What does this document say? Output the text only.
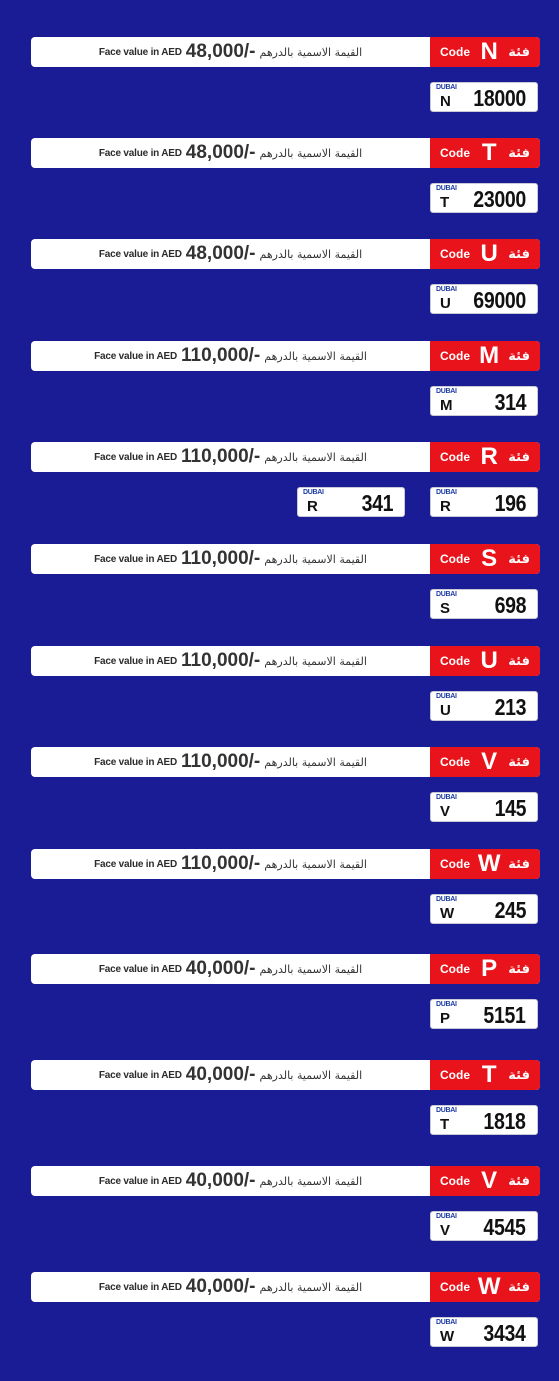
Face value in AED 48,000/- القيمة الاسمية بالدرهم	Code N فئة
DUBAI
N 18000
Face value in AED 48,000/- القيمة الاسمية بالدرهم	Code T فئة
DUBAI
T 23000
Face value in AED 48,000/- القيمة الاسمية بالدرهم	Code U فئة
DUBAI
U 69000
Face value in AED 110,000/- القيمة الاسمية بالدرهم	Code M فئة
DUBAI
M 314
Face value in AED 110,000/- القيمة الاسمية بالدرهم	Code R فئة
DUBAI
R 196
DUBAI
R 341
Face value in AED 110,000/- القيمة الاسمية بالدرهم	Code S فئة
DUBAI
S 698
Face value in AED 110,000/- القيمة الاسمية بالدرهم	Code U فئة
DUBAI
U 213
Face value in AED 110,000/- القيمة الاسمية بالدرهم	Code V فئة
DUBAI
V 145
Face value in AED 110,000/- القيمة الاسمية بالدرهم	Code W فئة
DUBAI
W 245
Face value in AED 40,000/- القيمة الاسمية بالدرهم	Code P فئة
DUBAI
P 5151
Face value in AED 40,000/- القيمة الاسمية بالدرهم	Code T فئة
DUBAI
T 1818
Face value in AED 40,000/- القيمة الاسمية بالدرهم	Code V فئة
DUBAI
V 4545
Face value in AED 40,000/- القيمة الاسمية بالدرهم	Code W فئة
DUBAI
W 3434
